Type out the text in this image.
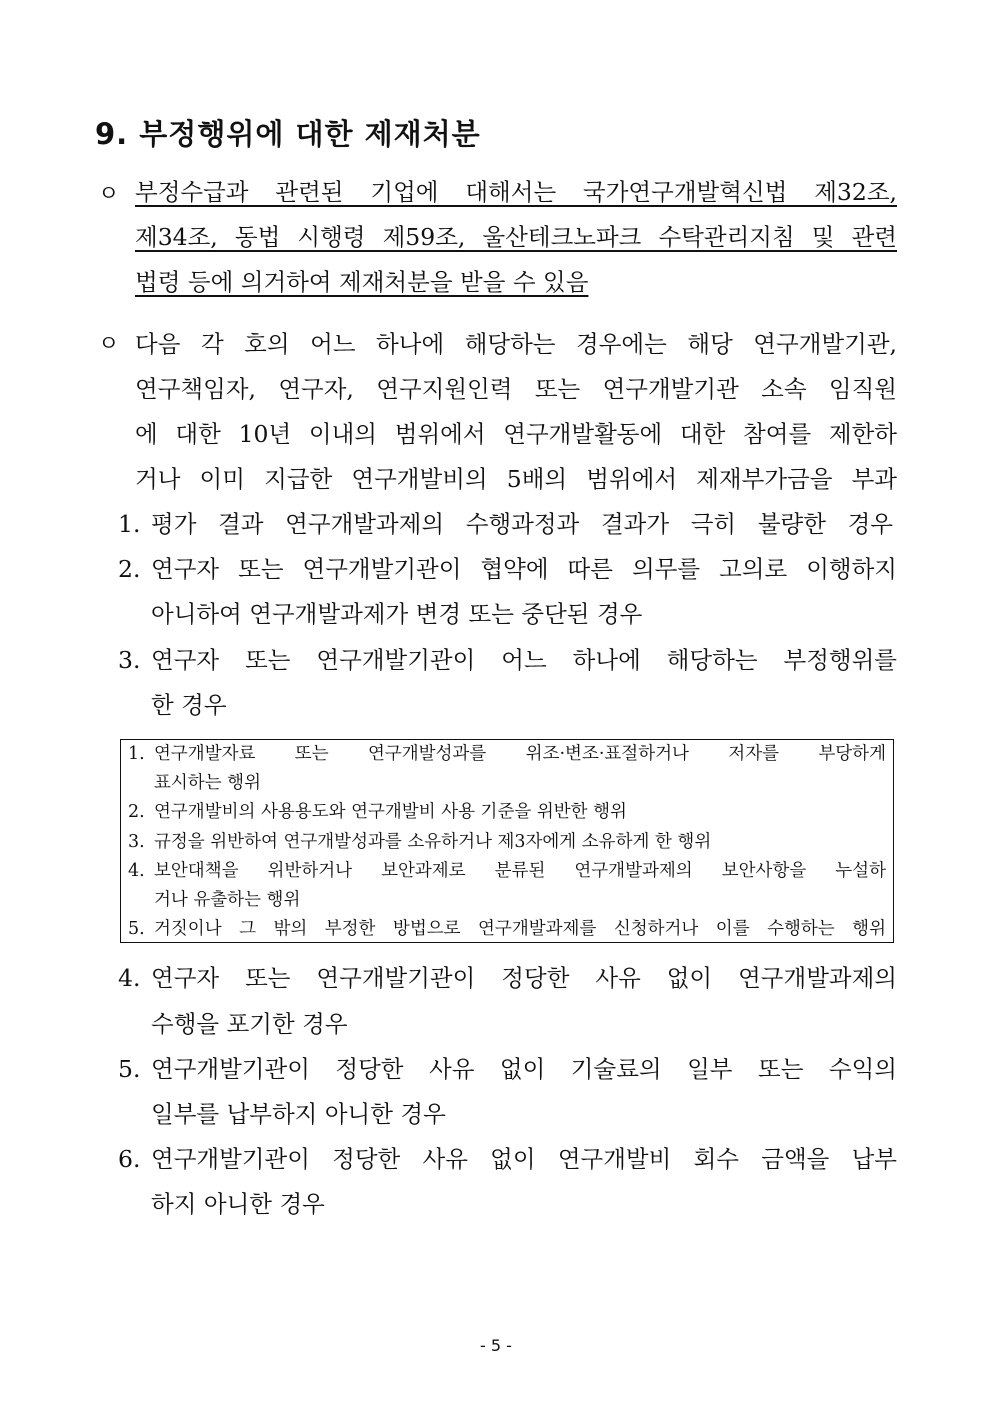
9. 부정행위에 대한 제재처분
ㅇ 부정수급과 관련된 기업에 대해서는 국가연구개발혁신법 제32조,
제34조, 동법 시행령 제59조, 울산테크노파크 수탁관리지침 및 관련
법령 등에 의거하여 제재처분을 받을 수 있음
ㅇ 다음 각 호의 어느 하나에 해당하는 경우에는 해당 연구개발기관,
연구책임자, 연구자, 연구지원인력 또는 연구개발기관 소속 임직원
에 대한 10년 이내의 범위에서 연구개발활동에 대한 참여를 제한하
거나 이미 지급한 연구개발비의 5배의 범위에서 제재부가금을 부과
1. 평가 결과 연구개발과제의 수행과정과 결과가 극히 불량한 경우
2. 연구자 또는 연구개발기관이 협약에 따른 의무를 고의로 이행하지
아니하여 연구개발과제가 변경 또는 중단된 경우
3. 연구자 또는 연구개발기관이 어느 하나에 해당하는 부정행위를
한 경우
1. 연구개발자료 또는 연구개발성과를 위조·변조·표절하거나 저자를 부당하게
표시하는 행위
2. 연구개발비의 사용용도와 연구개발비 사용 기준을 위반한 행위
3. 규정을 위반하여 연구개발성과를 소유하거나 제3자에게 소유하게 한 행위
4. 보안대책을 위반하거나 보안과제로 분류된 연구개발과제의 보안사항을 누설하
거나 유출하는 행위
5. 거짓이나 그 밖의 부정한 방법으로 연구개발과제를 신청하거나 이를 수행하는 행위
4. 연구자 또는 연구개발기관이 정당한 사유 없이 연구개발과제의
수행을 포기한 경우
5. 연구개발기관이 정당한 사유 없이 기술료의 일부 또는 수익의
일부를 납부하지 아니한 경우
6. 연구개발기관이 정당한 사유 없이 연구개발비 회수 금액을 납부
하지 아니한 경우
- 5 -
